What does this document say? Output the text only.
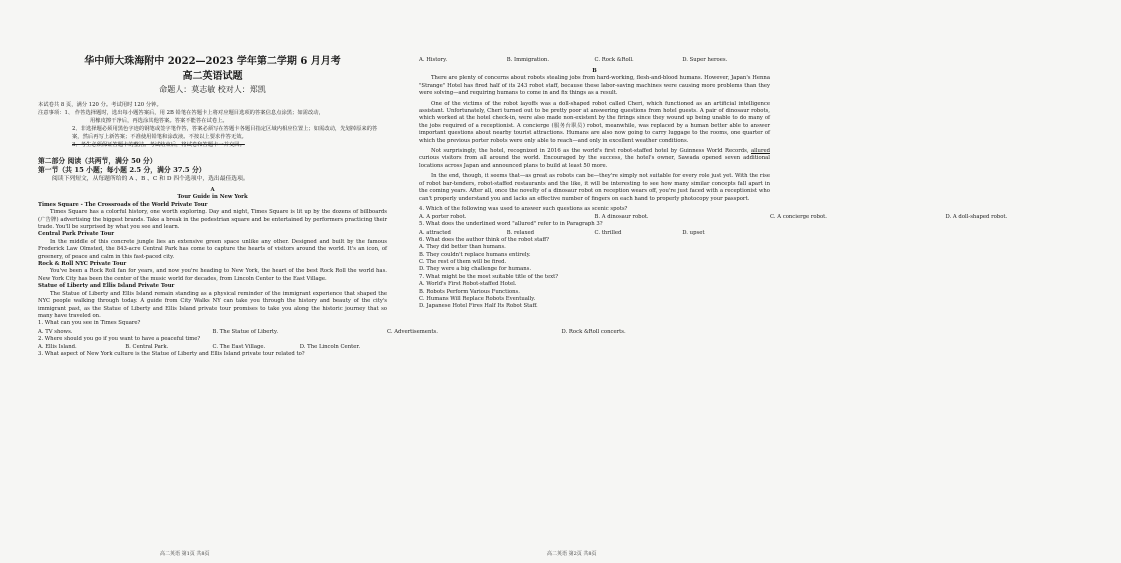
华中师大珠海附中 2022—2023 学年第二学期 6 月月考

高二英语试题

命题人：莫志敏 校对人：郑凯

本试卷共 8 页，满分 120 分。考试用时 120 分钟。

注意事项：1、 作答选择题时，选出每小题答案后，用 2B 铅笔在答题卡上将对应题目选项的答案信息点涂黑；如需改动，

用橡皮擦干净后，再选涂其他答案。答案不能答在试卷上。

2、非选择题必须用黑色字迹的钢笔或签字笔作答，答案必须写在答题卡各题目指定区域内相应位置上；如需改动，先划掉原来的答案，然后再写上新答案；不准使用铅笔和涂改液。不按以上要求作答无效。

3、考生必须保证答题卡的整洁。考试结束后，将试卷和答题卡一并交回。

第二部分 阅读（共两节，满分 50 分）

第一节（共 15 小题；每小题 2.5 分，满分 37.5 分）

阅读下列短文，从每题所给的 A 、B 、C 和 D 四个选项中，选出最佳选项。

A

Tour Guide in New York

Times Square - The Crossroads of the World Private Tour

Times Square has a colorful history, one worth exploring. Day and night, Times Square is lit up by the dozens of billboards (广告牌) advertising the biggest brands. Take a break in the pedestrian square and be entertained by performers practicing their trade. You'll be surprised by what you see and learn.

Central Park Private Tour

In the middle of this concrete jungle lies an extensive green space unlike any other. Designed and built by the famous Frederick Law Olmsted, the 843-acre Central Park has come to capture the hearts of visitors around the world. It's an icon, of greenery, of peace and calm in this fast-paced city.

Rock & Roll NYC Private Tour

You've been a Rock Roll fan for years, and now you're heading to New York, the heart of the best Rock Roll the world has. New York City has been the center of the music world for decades, from Lincoln Center to the East Village.

Statue of Liberty and Ellis Island Private Tour

The Statue of Liberty and Ellis Island remain standing as a physical reminder of the immigrant experience that shaped the NYC people walking through today. A guide from City Walks NY can take you through the history and beauty of the city's immigrant past, as the Statue of Liberty and Ellis Island private tour promises to take you along the historic journey that so many have traveled on.

1. What can you see in Times Square?

A. TV shows.	B. The Statue of Liberty.	C. Advertisements.	D. Rock &Roll concerts.

2. Where should you go if you want to have a peaceful time?

A. Ellis Island.	B. Central Park.	C. The East Village.	D. The Lincoln Center.

3. What aspect of New York culture is the Statue of Liberty and Ellis Island private tour related to?

高二英语 第1页 共8页
A. History.	B. Immigration.	C. Rock &Roll.	D. Super heroes.

B

There are plenty of concerns about robots stealing jobs from hard-working, flesh-and-blood humans. However, Japan's Henna "Strange" Hotel has fired half of its 243 robot staff, because these labor-saving machines were causing more problems than they were solving—and requiring humans to come in and fix things as a result.

One of the victims of the robot layoffs was a doll-shaped robot called Cheri, which functioned as an artificial intelligence assistant. Unfortunately, Cheri turned out to be pretty poor at answering questions from hotel guests. A pair of dinosaur robots, which worked at the hotel check-in, were also made non-existent by the firings since they wound up being unable to do many of the jobs required of a receptionist. A concierge (服务台职员) robot, meanwhile, was replaced by a human better able to answer important questions about nearby tourist attractions. Humans are also now going to carry luggage to the rooms, one quarter of which the previous porter robots were only able to reach—and only in excellent weather conditions.

Not surprisingly, the hotel, recognized in 2016 as the world's first robot-staffed hotel by Guinness World Records, allured curious visitors from all around the world. Encouraged by the success, the hotel's owner, Sawada opened seven additional locations across Japan and announced plans to build at least 50 more.

In the end, though, it seems that—as great as robots can be—they're simply not suitable for every role just yet. With the rise of robot bar-tenders, robot-staffed restaurants and the like, it will be interesting to see how many similar concepts fall apart in the coming years. After all, once the novelty of a dinosaur robot on reception wears off, you're just faced with a receptionist who can't properly understand you and lacks an effective number of fingers on each hand to properly photocopy your passport.

4. Which of the following was used to answer such questions as scenic spots?

A. A porter robot.	B. A dinosaur robot.	C. A concierge robot.	D. A doll-shaped robot.

5. What does the underlined word "allured" refer to in Paragraph 3?

A. attracted	B. relaxed	C. thrilled	D. upset

6. What does the author think of the robot staff?

A. They did better than humans.

B. They couldn't replace humans entirely.

C. The rest of them will be fired.

D. They were a big challenge for humans.

7. What might be the most suitable title of the text?

A. World's First Robot-staffed Hotel.

B. Robots Perform Various Functions.

C. Humans Will Replace Robots Eventually.

D. Japanese Hotel Fires Half Its Robot Staff.

高二英语 第2页 共8页
